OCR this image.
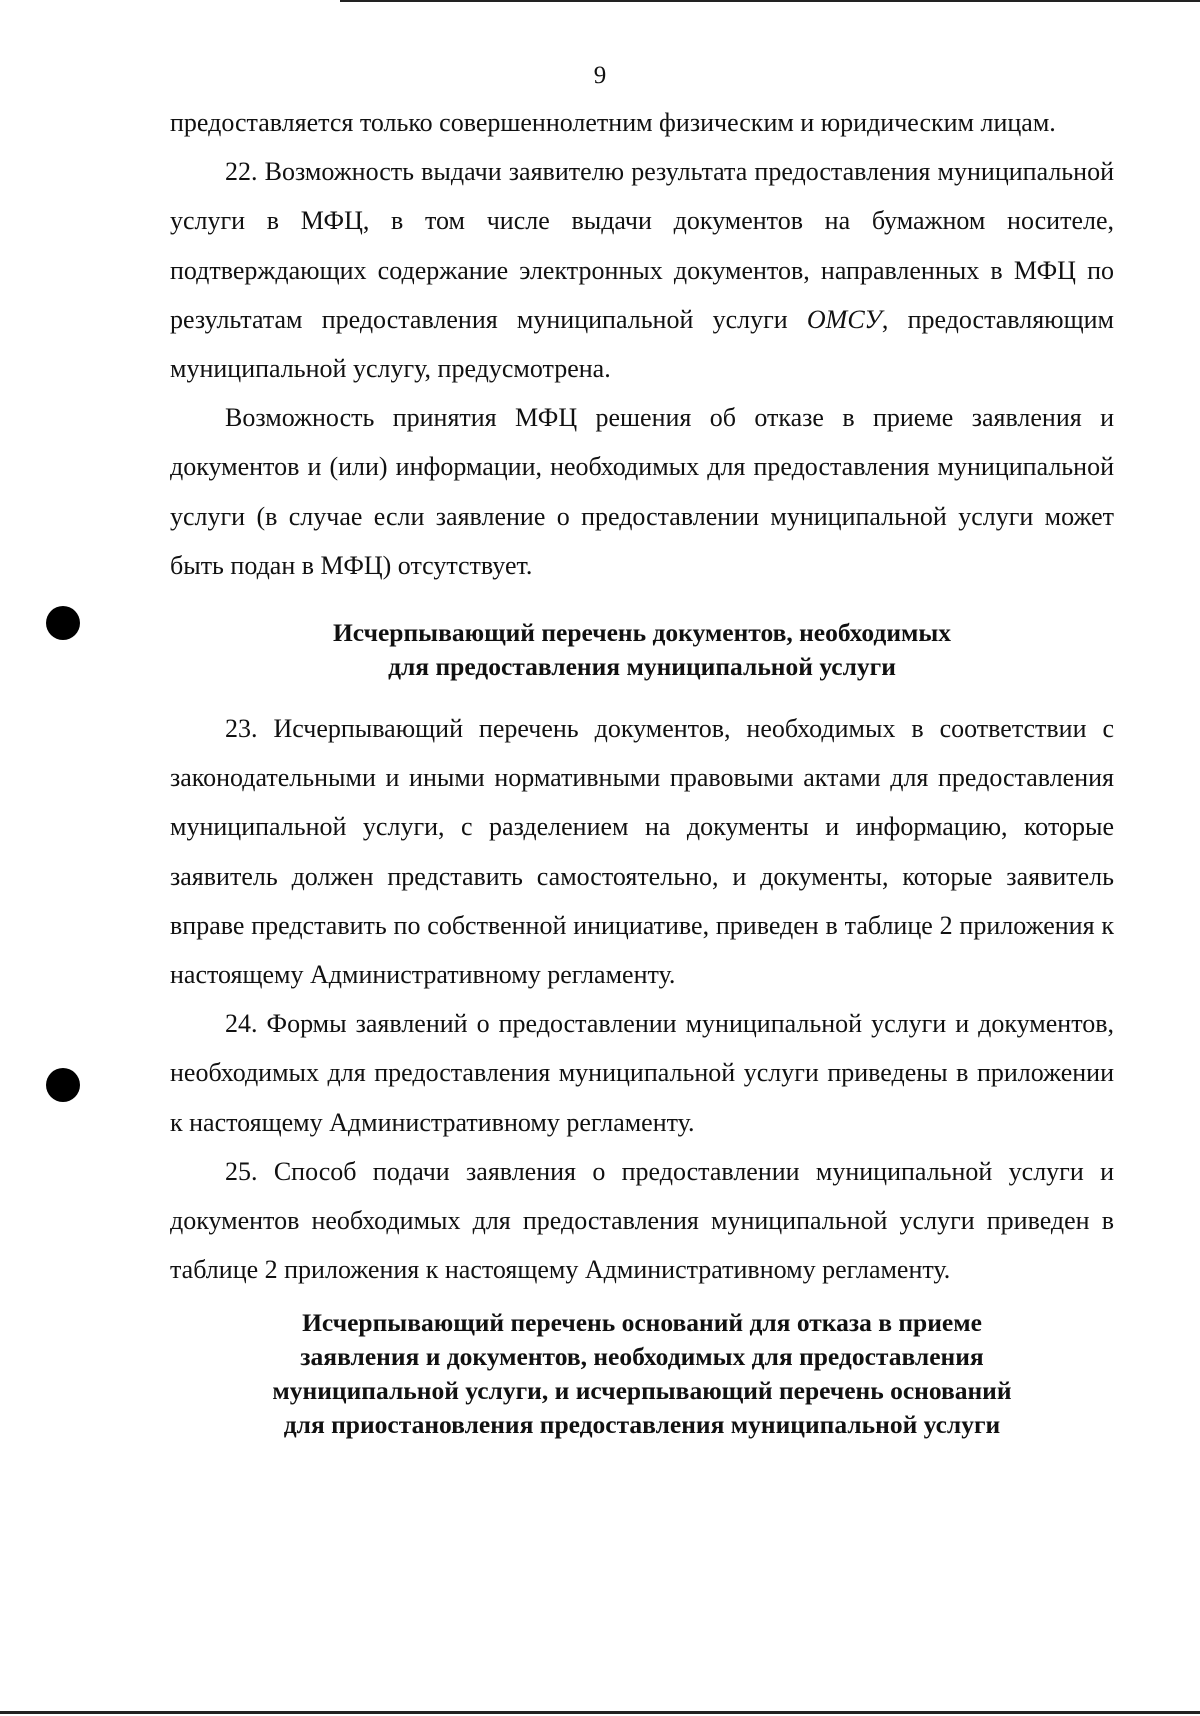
9

предоставляется только совершеннолетним физическим и юридическим лицам.

22. Возможность выдачи заявителю результата предоставления муниципальной услуги в МФЦ, в том числе выдачи документов на бумажном носителе, подтверждающих содержание электронных документов, направленных в МФЦ по результатам предоставления муниципальной услуги ОМСУ, предоставляющим муниципальной услугу, предусмотрена.

Возможность принятия МФЦ решения об отказе в приеме заявления и документов и (или) информации, необходимых для предоставления муниципальной услуги (в случае если заявление о предоставлении муниципальной услуги может быть подан в МФЦ) отсутствует.

Исчерпывающий перечень документов, необходимых
для предоставления муниципальной услуги

23. Исчерпывающий перечень документов, необходимых в соответствии с законодательными и иными нормативными правовыми актами для предоставления муниципальной услуги, с разделением на документы и информацию, которые заявитель должен представить самостоятельно, и документы, которые заявитель вправе представить по собственной инициативе, приведен в таблице 2 приложения к настоящему Административному регламенту.

24. Формы заявлений о предоставлении муниципальной услуги и документов, необходимых для предоставления муниципальной услуги приведены в приложении к настоящему Административному регламенту.

25. Способ подачи заявления о предоставлении муниципальной услуги и документов необходимых для предоставления муниципальной услуги приведен в таблице 2 приложения к настоящему Административному регламенту.

Исчерпывающий перечень оснований для отказа в приеме
заявления и документов, необходимых для предоставления
муниципальной услуги, и исчерпывающий перечень оснований
для приостановления предоставления муниципальной услуги
